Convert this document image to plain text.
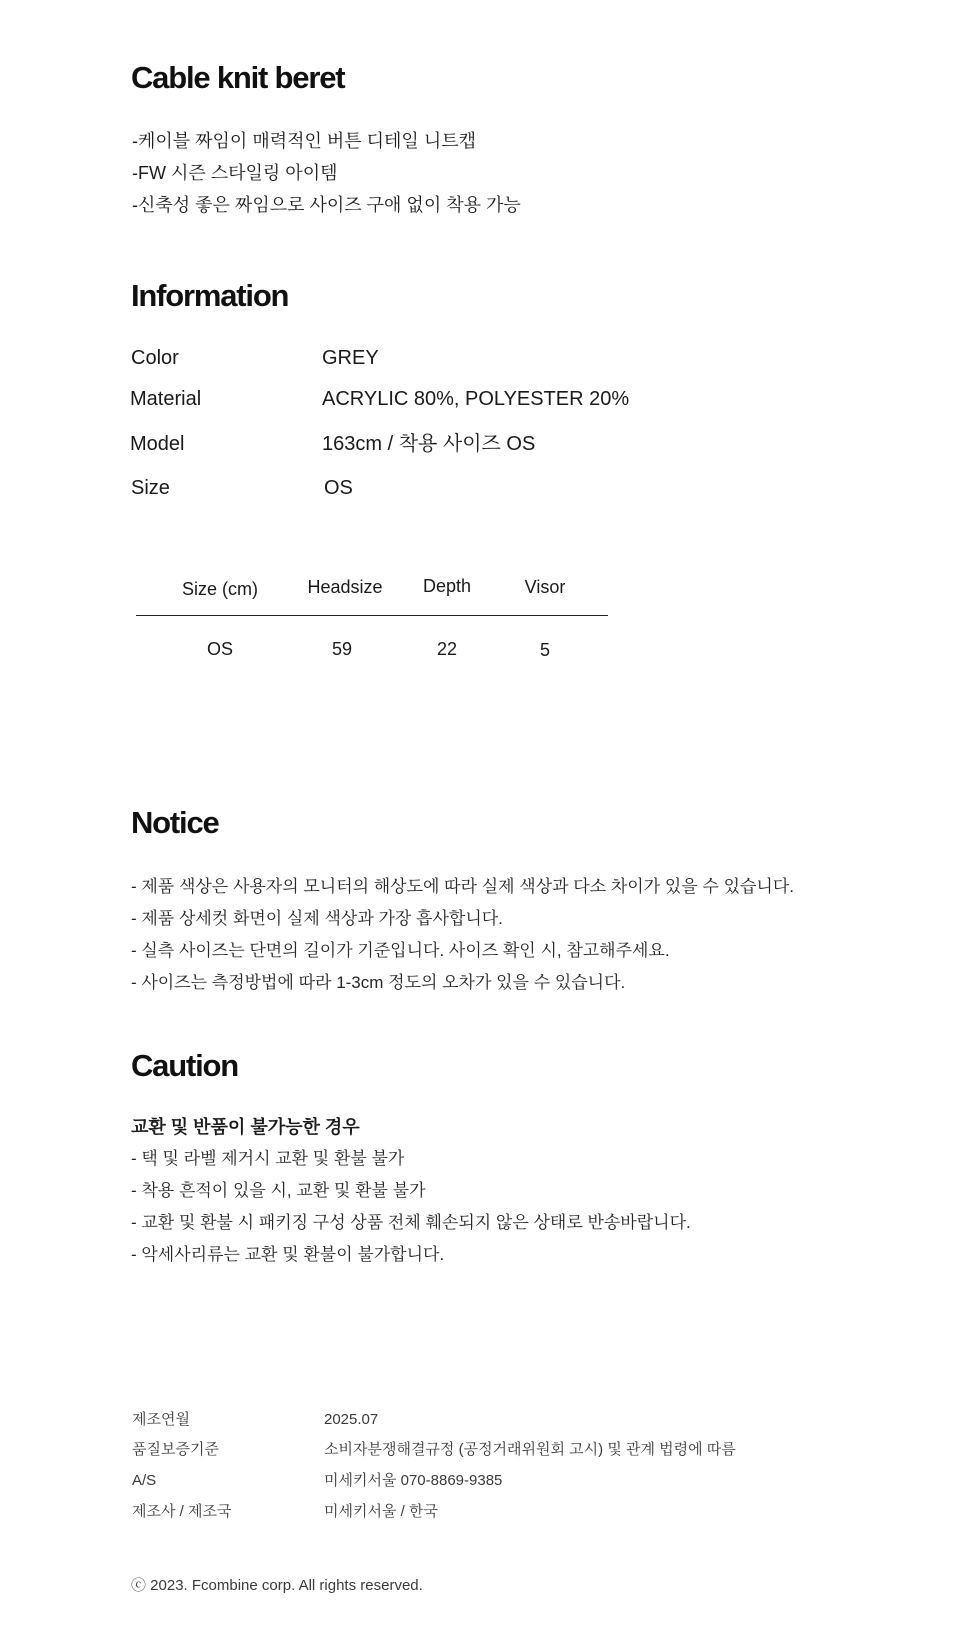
Cable knit beret
-케이블 짜임이 매력적인 버튼 디테일 니트캡
-FW 시즌 스타일링 아이템
-신축성 좋은 짜임으로 사이즈 구애 없이 착용 가능
Information
Color	GREY
Material	ACRYLIC 80%, POLYESTER 20%
Model	163cm / 착용 사이즈 OS
Size	OS
Size (cm)	Headsize	Depth	Visor
OS	59	22	5
Notice
- 제품 색상은 사용자의 모니터의 해상도에 따라 실제 색상과 다소 차이가 있을 수 있습니다.
- 제품 상세컷 화면이 실제 색상과 가장 흡사합니다.
- 실측 사이즈는 단면의 길이가 기준입니다. 사이즈 확인 시, 참고해주세요.
- 사이즈는 측정방법에 따라 1-3cm 정도의 오차가 있을 수 있습니다.
Caution
교환 및 반품이 불가능한 경우
- 택 및 라벨 제거시 교환 및 환불 불가
- 착용 흔적이 있을 시, 교환 및 환불 불가
- 교환 및 환불 시 패키징 구성 상품 전체 훼손되지 않은 상태로 반송바랍니다.
- 악세사리류는 교환 및 환불이 불가합니다.
제조연월	2025.07
품질보증기준	소비자분쟁해결규정 (공정거래위원회 고시) 및 관계 법령에 따름
A/S	미세키서울 070-8869-9385
제조사 / 제조국	미세키서울 / 한국
ⓒ 2023. Fcombine corp. All rights reserved.
